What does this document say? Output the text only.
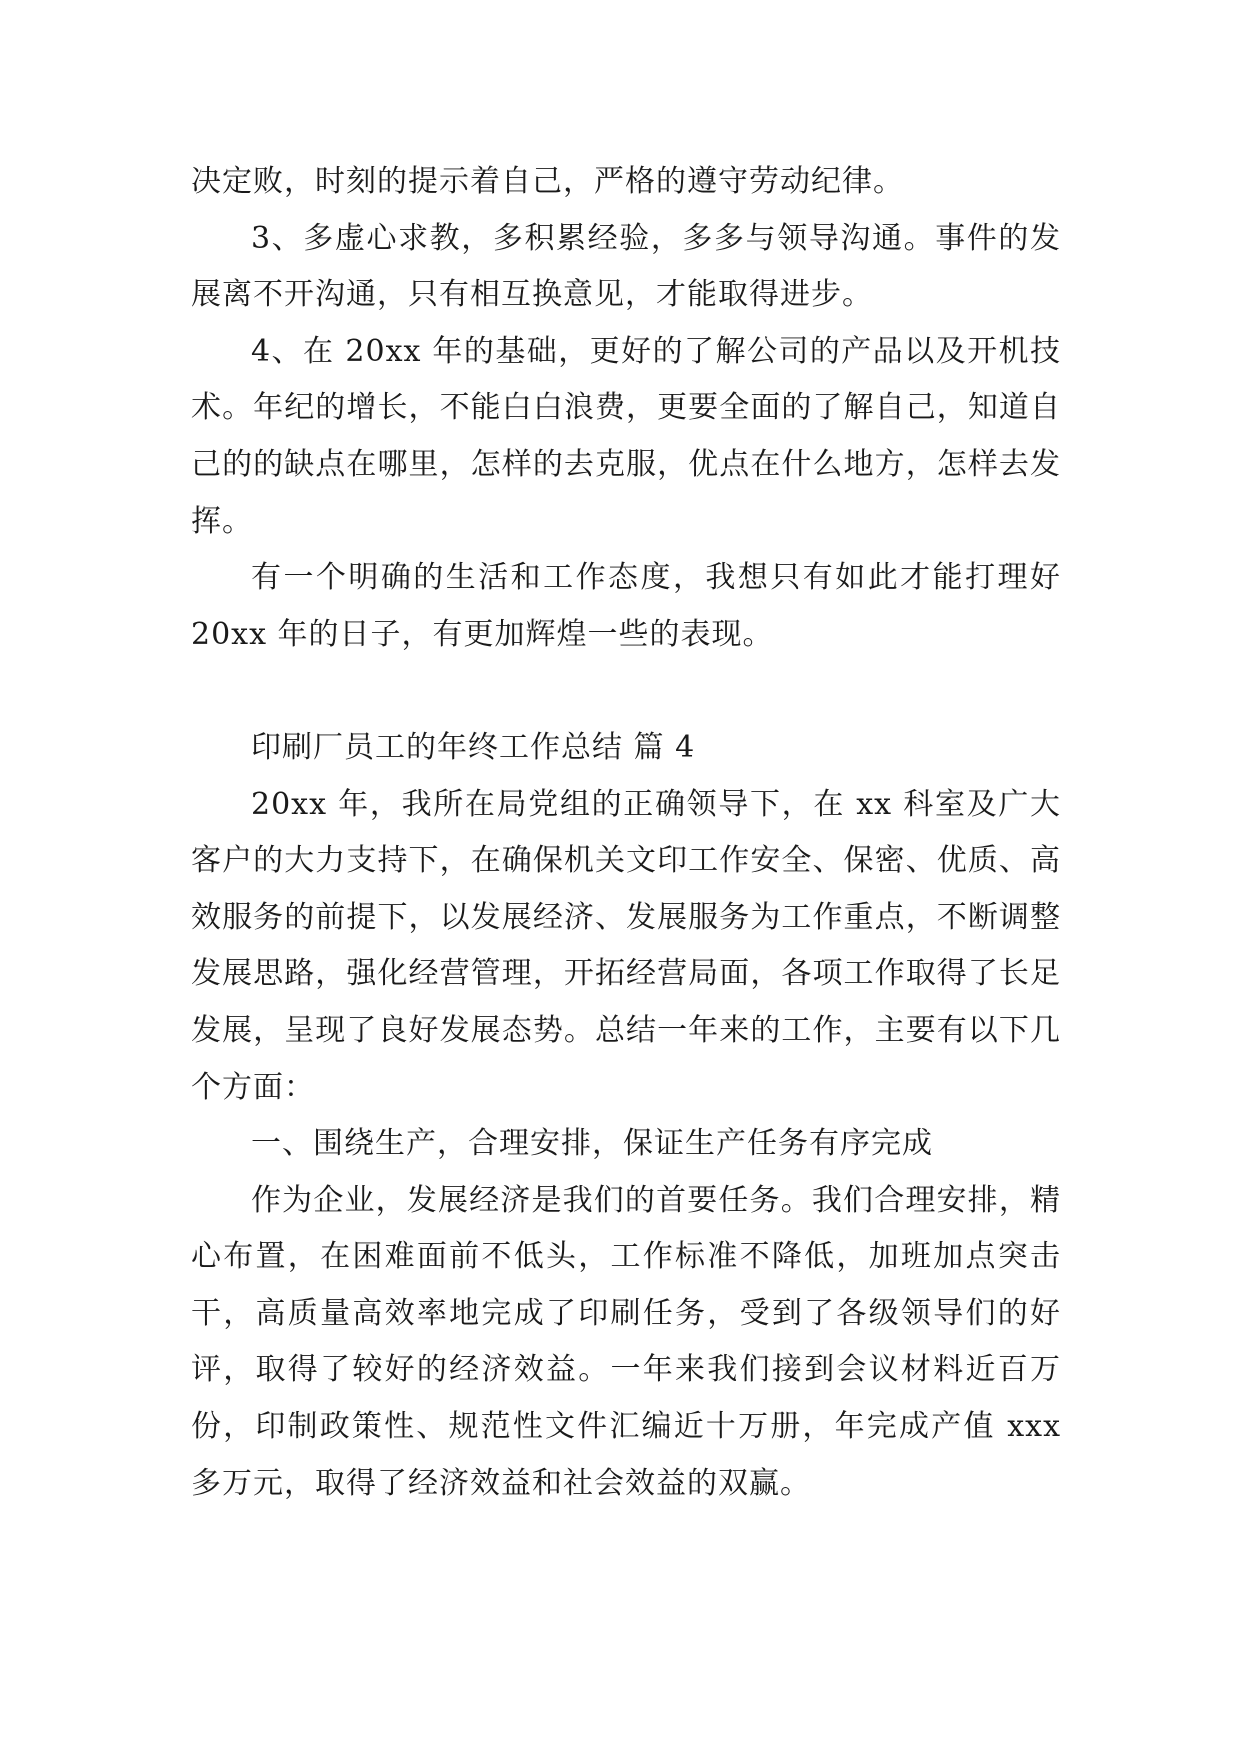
决定败，时刻的提示着自己，严格的遵守劳动纪律。

3、多虚心求教，多积累经验，多多与领导沟通。事件的发展离不开沟通，只有相互换意见，才能取得进步。

4、在 20xx 年的基础，更好的了解公司的产品以及开机技术。年纪的增长，不能白白浪费，更要全面的了解自己，知道自己的的缺点在哪里，怎样的去克服，优点在什么地方，怎样去发挥。

有一个明确的生活和工作态度，我想只有如此才能打理好 20xx 年的日子，有更加辉煌一些的表现。

印刷厂员工的年终工作总结 篇 4

20xx 年，我所在局党组的正确领导下，在 xx 科室及广大客户的大力支持下，在确保机关文印工作安全、保密、优质、高效服务的前提下，以发展经济、发展服务为工作重点，不断调整发展思路，强化经营管理，开拓经营局面，各项工作取得了长足发展，呈现了良好发展态势。总结一年来的工作，主要有以下几个方面：

一、围绕生产，合理安排，保证生产任务有序完成

作为企业，发展经济是我们的首要任务。我们合理安排，精心布置，在困难面前不低头，工作标准不降低，加班加点突击干，高质量高效率地完成了印刷任务，受到了各级领导们的好评，取得了较好的经济效益。一年来我们接到会议材料近百万份，印制政策性、规范性文件汇编近十万册，年完成产值 xxx 多万元，取得了经济效益和社会效益的双赢。
